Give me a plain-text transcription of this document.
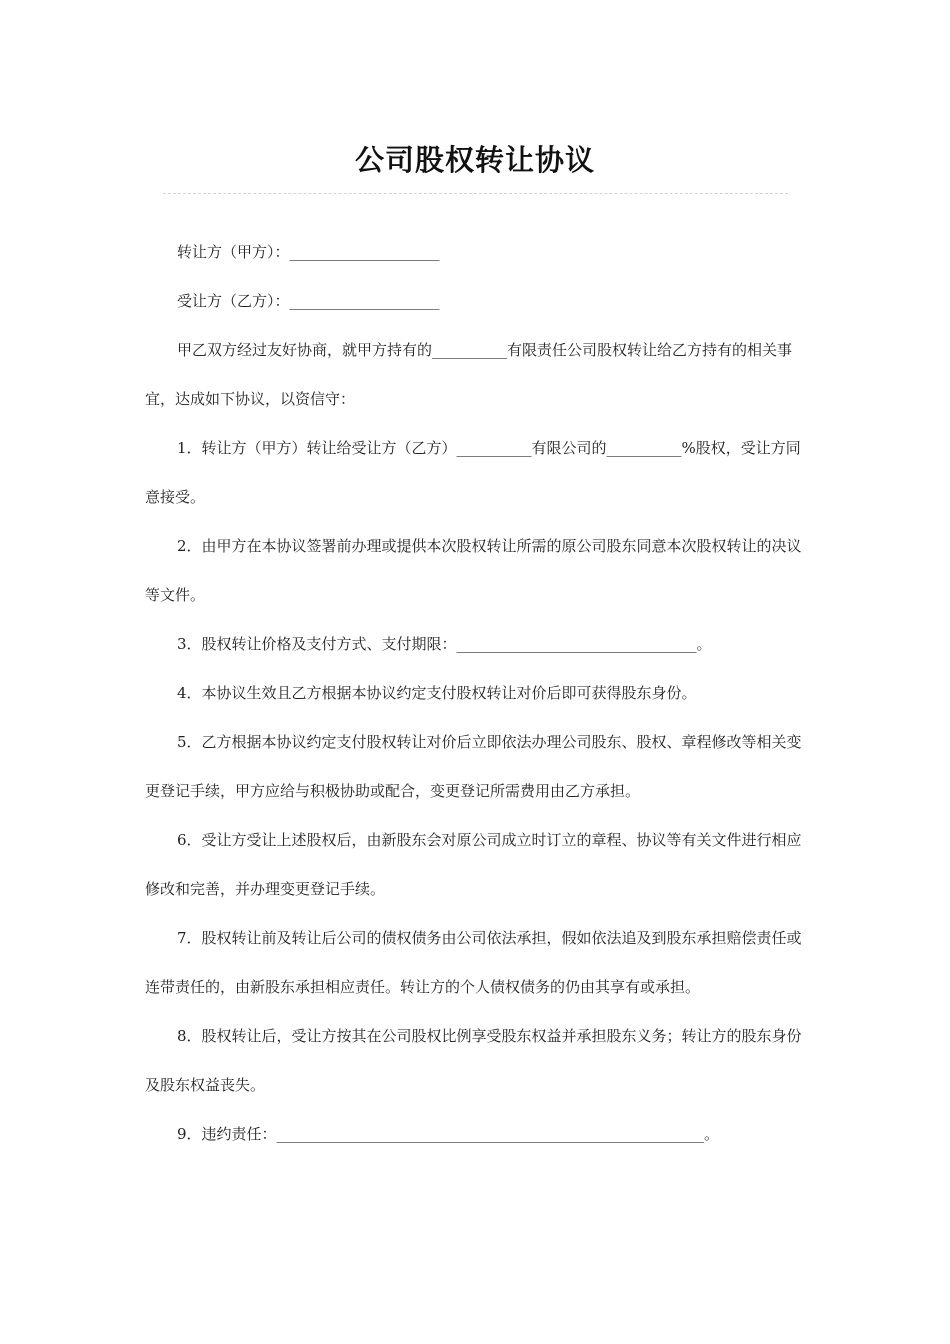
公司股权转让协议

转让方（甲方）：____________________

受让方（乙方）：____________________

甲乙双方经过友好协商，就甲方持有的__________有限责任公司股权转让给乙方持有的相关事宜，达成如下协议，以资信守：

1．转让方（甲方）转让给受让方（乙方）__________有限公司的__________%股权，受让方同意接受。

2．由甲方在本协议签署前办理或提供本次股权转让所需的原公司股东同意本次股权转让的决议等文件。

3．股权转让价格及支付方式、支付期限：________________________________。

4．本协议生效且乙方根据本协议约定支付股权转让对价后即可获得股东身份。

5．乙方根据本协议约定支付股权转让对价后立即依法办理公司股东、股权、章程修改等相关变更登记手续，甲方应给与积极协助或配合，变更登记所需费用由乙方承担。

6．受让方受让上述股权后，由新股东会对原公司成立时订立的章程、协议等有关文件进行相应修改和完善，并办理变更登记手续。

7．股权转让前及转让后公司的债权债务由公司依法承担，假如依法追及到股东承担赔偿责任或连带责任的，由新股东承担相应责任。转让方的个人债权债务的仍由其享有或承担。

8．股权转让后，受让方按其在公司股权比例享受股东权益并承担股东义务；转让方的股东身份及股东权益丧失。

9．违约责任：_________________________________________________________。
